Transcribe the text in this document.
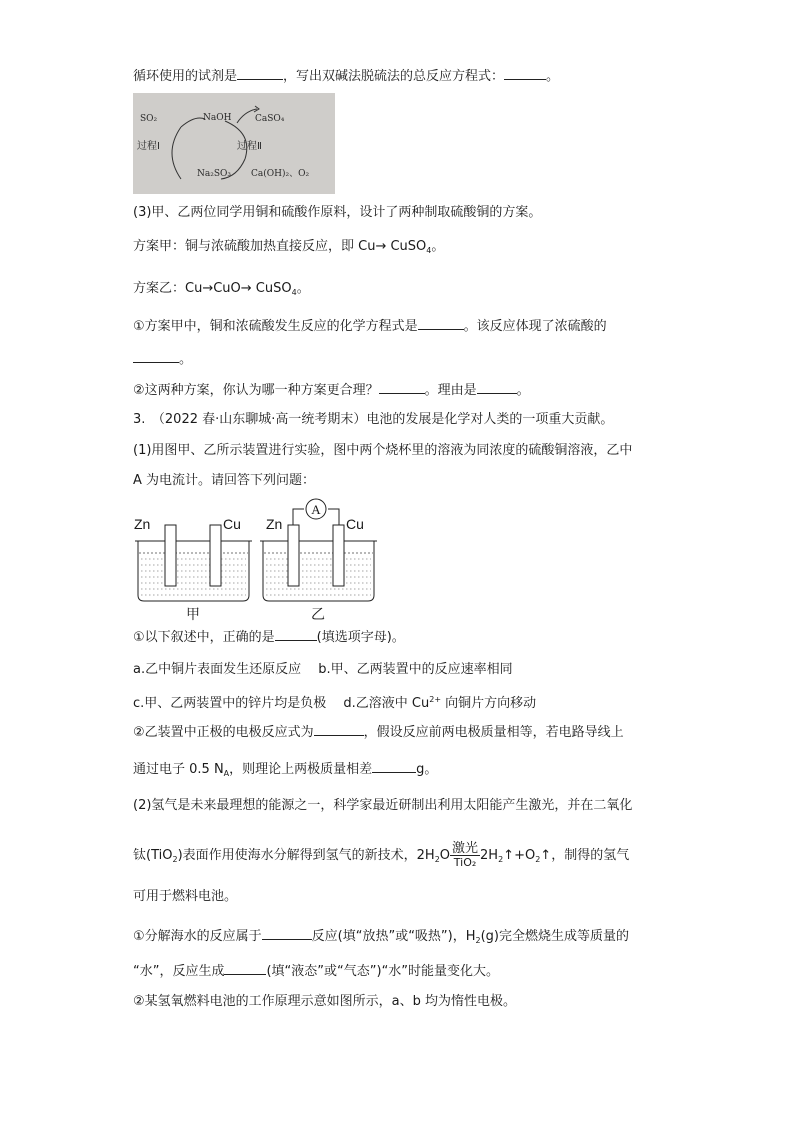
循环使用的试剂是	，写出双碱法脱硫法的总反应方程式：	。
SO₂	NaOH	CaSO₄
过程Ⅰ	过程Ⅱ
Na₂SO₃ Ca(OH)₂、O₂
(3)甲、乙两位同学用铜和硫酸作原料，设计了两种制取硫酸铜的方案。
方案甲：铜与浓硫酸加热直接反应，即 Cu→ CuSO$_4$。
方案乙：Cu→CuO→ CuSO$_4$。
①方案甲中，铜和浓硫酸发生反应的化学方程式是	。该反应体现了浓硫酸的
。
②这两种方案，你认为哪一种方案更合理？	。理由是	。
3.　（2022 春·山东聊城·高一统考期末）电池的发展是化学对人类的一项重大贡献。
(1)用图甲、乙所示装置进行实验，图中两个烧杯里的溶液为同浓度的硫酸铜溶液，乙中
A 为电流计。请回答下列问题：
Zn	Cu Zn	Cu
A
甲	乙
①以下叙述中，正确的是	(填选项字母)。
a.乙中铜片表面发生还原反应　 b.甲、乙两装置中的反应速率相同
c.甲、乙两装置中的锌片均是负极　 d.乙溶液中 $Cu^{2+}$ 向铜片方向移动
②乙装置中正极的电极反应式为	，假设反应前两电极质量相等，若电路导线上
通过电子 0.5 $N_A$，则理论上两极质量相差	g。
(2)氢气是未来最理想的能源之一，科学家最近研制出利用太阳能产生激光，并在二氧化
钛(TiO$_2$)表面作用使海水分解得到氢气的新技术，$2H_2O \frac{\text{激光}}{\text{TiO₂}}$ $2H_2↑+O_2↑$，制得的氢气
可用于燃料电池。
①分解海水的反应属于	反应(填“放热”或“吸热”)，$H_2(g)$完全燃烧生成等质量的
“水”，反应生成	(填“液态”或“气态”)“水”时能量变化大。
②某氢氧燃料电池的工作原理示意如图所示，a、b 均为惰性电极。
